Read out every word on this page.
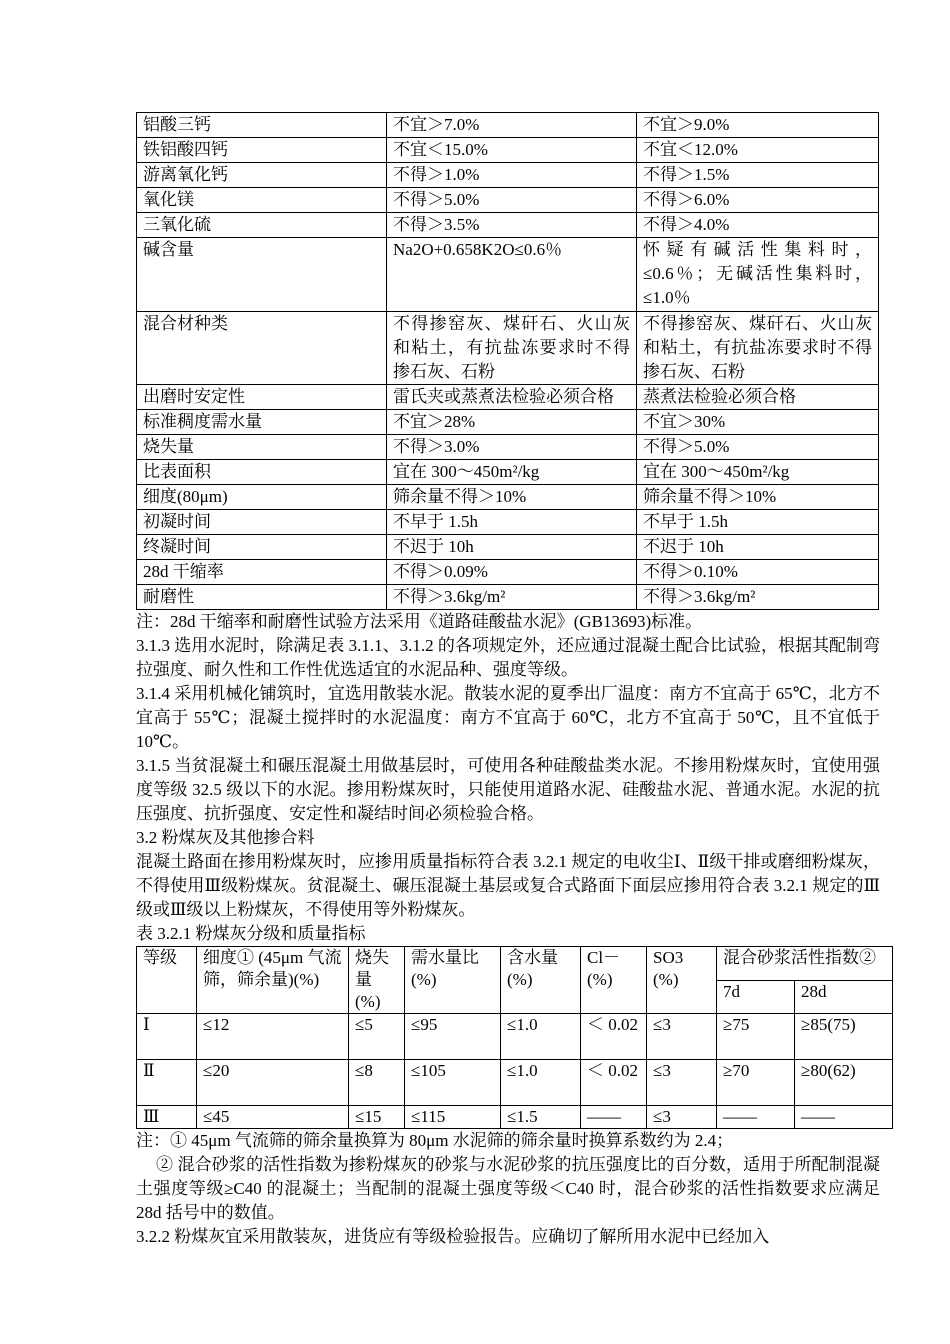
铝酸三钙	不宜＞7.0%	不宜＞9.0%
铁铝酸四钙	不宜＜15.0%	不宜＜12.0%
游离氧化钙	不得＞1.0%	不得＞1.5%
氧化镁	不得＞5.0%	不得＞6.0%
三氧化硫	不得＞3.5%	不得＞4.0%
碱含量	Na2O+0.658K2O≤0.6％	怀疑有碱活性集料时，≤0.6％；无碱活性集料时，≤1.0％
混合材种类	不得掺窑灰、煤矸石、火山灰和粘土，有抗盐冻要求时不得掺石灰、石粉	不得掺窑灰、煤矸石、火山灰和粘土，有抗盐冻要求时不得掺石灰、石粉
出磨时安定性	雷氏夹或蒸煮法检验必须合格	蒸煮法检验必须合格
标准稠度需水量	不宜＞28%	不宜＞30%
烧失量	不得＞3.0%	不得＞5.0%
比表面积	宜在 300～450m²/kg	宜在 300～450m²/kg
细度(80μm)	筛余量不得＞10%	筛余量不得＞10%
初凝时间	不早于 1.5h	不早于 1.5h
终凝时间	不迟于 10h	不迟于 10h
28d 干缩率	不得＞0.09%	不得＞0.10%
耐磨性	不得＞3.6kg/m²	不得＞3.6kg/m²

注：28d 干缩率和耐磨性试验方法采用《道路硅酸盐水泥》(GB13693)标准。

3.1.3 选用水泥时，除满足表 3.1.1、3.1.2 的各项规定外，还应通过混凝土配合比试验，根据其配制弯拉强度、耐久性和工作性优选适宜的水泥品种、强度等级。

3.1.4 采用机械化铺筑时，宜选用散装水泥。散装水泥的夏季出厂温度：南方不宜高于 65℃，北方不宜高于 55℃；混凝土搅拌时的水泥温度：南方不宜高于 60℃，北方不宜高于 50℃，且不宜低于 10℃。

3.1.5 当贫混凝土和碾压混凝土用做基层时，可使用各种硅酸盐类水泥。不掺用粉煤灰时，宜使用强度等级 32.5 级以下的水泥。掺用粉煤灰时，只能使用道路水泥、硅酸盐水泥、普通水泥。水泥的抗压强度、抗折强度、安定性和凝结时间必须检验合格。

3.2 粉煤灰及其他掺合料

混凝土路面在掺用粉煤灰时，应掺用质量指标符合表 3.2.1 规定的电收尘Ⅰ、Ⅱ级干排或磨细粉煤灰，不得使用Ⅲ级粉煤灰。贫混凝土、碾压混凝土基层或复合式路面下面层应掺用符合表 3.2.1 规定的Ⅲ级或Ⅲ级以上粉煤灰，不得使用等外粉煤灰。

表 3.2.1 粉煤灰分级和质量指标

等级	细度① (45μm 气流筛，筛余量)(%)	烧失量 (%)	需水量比 (%)	含水量 (%)	Cl－ (%)	SO3 (%)	混合砂浆活性指数②	
							7d	28d
Ⅰ	≤12	≤5	≤95	≤1.0	＜ 0.02	≤3	≥75	≥85(75)
Ⅱ	≤20	≤8	≤105	≤1.0	＜ 0.02	≤3	≥70	≥80(62)
Ⅲ	≤45	≤15	≤115	≤1.5	——	≤3	——	——

注：① 45μm 气流筛的筛余量换算为 80μm 水泥筛的筛余量时换算系数约为 2.4；

② 混合砂浆的活性指数为掺粉煤灰的砂浆与水泥砂浆的抗压强度比的百分数，适用于所配制混凝土强度等级≥C40 的混凝土；当配制的混凝土强度等级＜C40 时，混合砂浆的活性指数要求应满足 28d 括号中的数值。

3.2.2 粉煤灰宜采用散装灰，进货应有等级检验报告。应确切了解所用水泥中已经加入
